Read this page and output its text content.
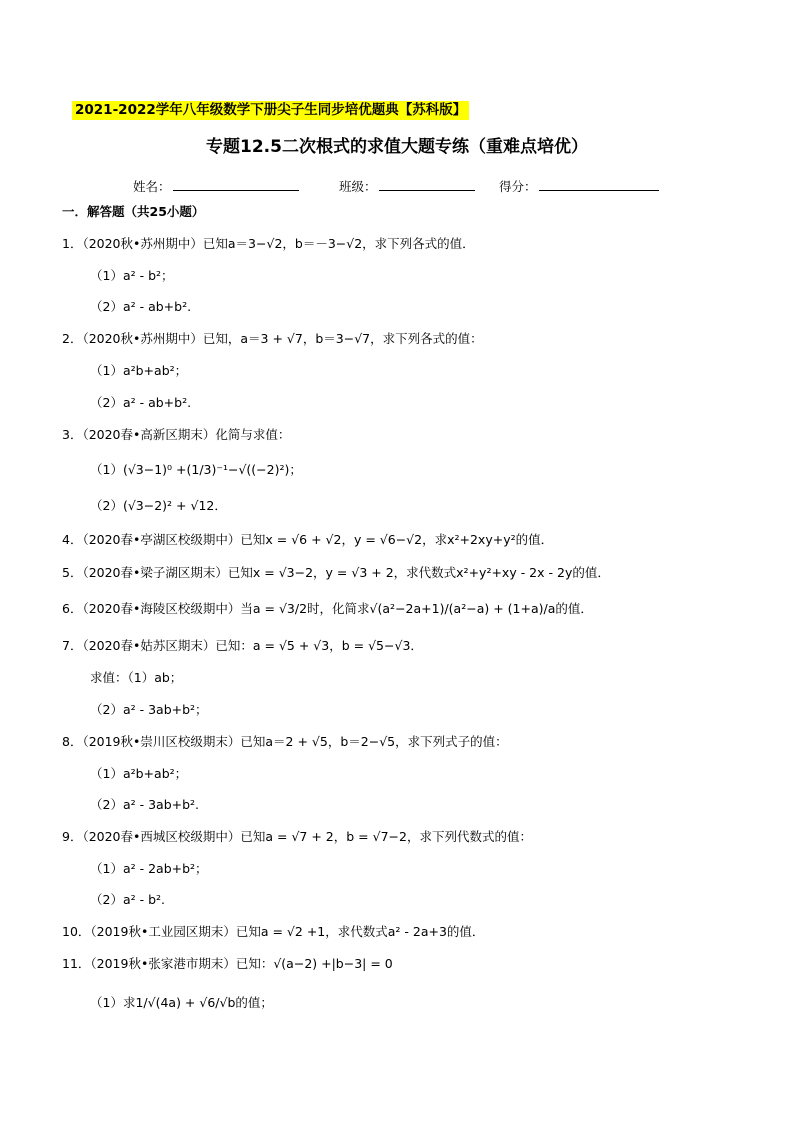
2021-2022学年八年级数学下册尖子生同步培优题典【苏科版】
专题12.5二次根式的求值大题专练（重难点培优）
姓名：	班级：	得分：
一．解答题（共25小题）
1．（2020秋•苏州期中）已知a＝3−√2，b＝－3−√2，求下列各式的值．
（1）a² - b²；
（2）a² - ab+b².
2．（2020秋•苏州期中）已知，a＝3 + √7，b＝3−√7，求下列各式的值：
（1）a²b+ab²；
（2）a² - ab+b².
3．（2020春•高新区期末）化简与求值：
（1）(√3−1)⁰ +(1/3)⁻¹−√((−2)²)；
（2）(√3−2)² + √12．
4．（2020春•亭湖区校级期中）已知x = √6 + √2，y = √6−√2，求x²+2xy+y²的值．
5．（2020春•梁子湖区期末）已知x = √3−2，y = √3 + 2，求代数式x²+y²+xy - 2x - 2y的值．
6．（2020春•海陵区校级期中）当a = √3/2时，化简求√(a²−2a+1)/(a²−a) + (1+a)/a的值．
7．（2020春•姑苏区期末）已知：a = √5 + √3，b = √5−√3．
求值：（1）ab；
（2）a² - 3ab+b²；
8．（2019秋•崇川区校级期末）已知a＝2 + √5，b＝2−√5，求下列式子的值：
（1）a²b+ab²；
（2）a² - 3ab+b².
9．（2020春•西城区校级期中）已知a = √7 + 2，b = √7−2，求下列代数式的值：
（1）a² - 2ab+b²；
（2）a² - b².
10．（2019秋•工业园区期末）已知a = √2 +1，求代数式a² - 2a+3的值．
11．（2019秋•张家港市期末）已知：√(a−2) +|b−3| = 0
（1）求1/√(4a) + √6/√b的值；
